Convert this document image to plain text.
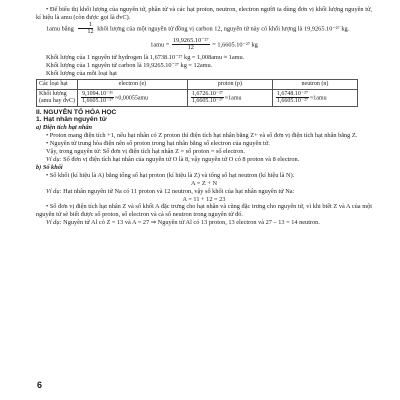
• Để biểu thị khối lượng của nguyên tử, phân tử và các hạt proton, neutron, electron người ta dùng đơn vị khối lượng nguyên tử, kí hiệu là amu (còn được gọi là đvC).

1amu bằng $\frac{1}{12}$ khối lượng của một nguyên tử đồng vị carbon 12, nguyên tử này có khối lượng là 19,9265.10⁻²⁷ kg.

$1amu = \frac{\text{19,9265.10⁻²⁷}}{12} = 1,6605.10^{-27}$ kg

Khối lượng của 1 nguyên tử hydrogen là 1,6738.10⁻²⁷ kg = 1,008amu ≈ 1amu.

Khối lượng của 1 nguyên tử carbon là 19,9265.10⁻²⁷ kg = 12amu.

Khối lượng của mỗi loại hạt

Các loại hạt	electron (e)	proton (p)	neutron (n)
Khối lượng (amu hay đvC)	$\frac{\text{9,1094.10⁻³¹}}{\text{1,6605.10⁻²⁷}} \approx 0,00055amu$	$\frac{\text{1,6726.10⁻²⁷}}{\text{1,6605.10⁻²⁷}} \approx 1amu$	$\frac{\text{1,6748.10⁻²⁷}}{\text{1,6605.10⁻²⁷}} \approx 1amu$

II. NGUYÊN TỐ HÓA HỌC

1. Hạt nhân nguyên tử

a) Điện tích hạt nhân

• Proton mang điện tích +1, nếu hạt nhân có Z proton thì điện tích hạt nhân bằng Z+ và số đơn vị điện tích hạt nhân bằng Z.

• Nguyên tử trung hòa điện nên số proton trong hạt nhân bằng số electron của nguyên tử.

Vậy, trong nguyên tử: Số đơn vị điện tích hạt nhân Z = số proton = số electron.

Ví dụ: Số đơn vị điện tích hạt nhân của nguyên tử O là 8, vậy nguyên tử O có 8 proton và 8 electron.

b) Số khối

• Số khối (kí hiệu là A) bằng tổng số hạt proton (kí hiệu là Z) và tổng số hạt neutron (kí hiệu là N).

A = Z + N

Ví dụ: Hạt nhân nguyên tử Na có 11 proton và 12 neutron, vậy số khối của hạt nhân nguyên tử Na:

A = 11 + 12 = 23

• Số đơn vị điện tích hạt nhân Z và số khối A đặc trưng cho hạt nhân và cũng đặc trưng cho nguyên tử, vì khi biết Z và A của một nguyên tử sẽ biết được số proton, số electron và cả số neutron trong nguyên tử đó.

Ví dụ: Nguyên tử Al có Z = 13 và A = 27 ⇒ Nguyên tử Al có 13 proton, 13 electron và 27 – 13 = 14 neutron.

6
